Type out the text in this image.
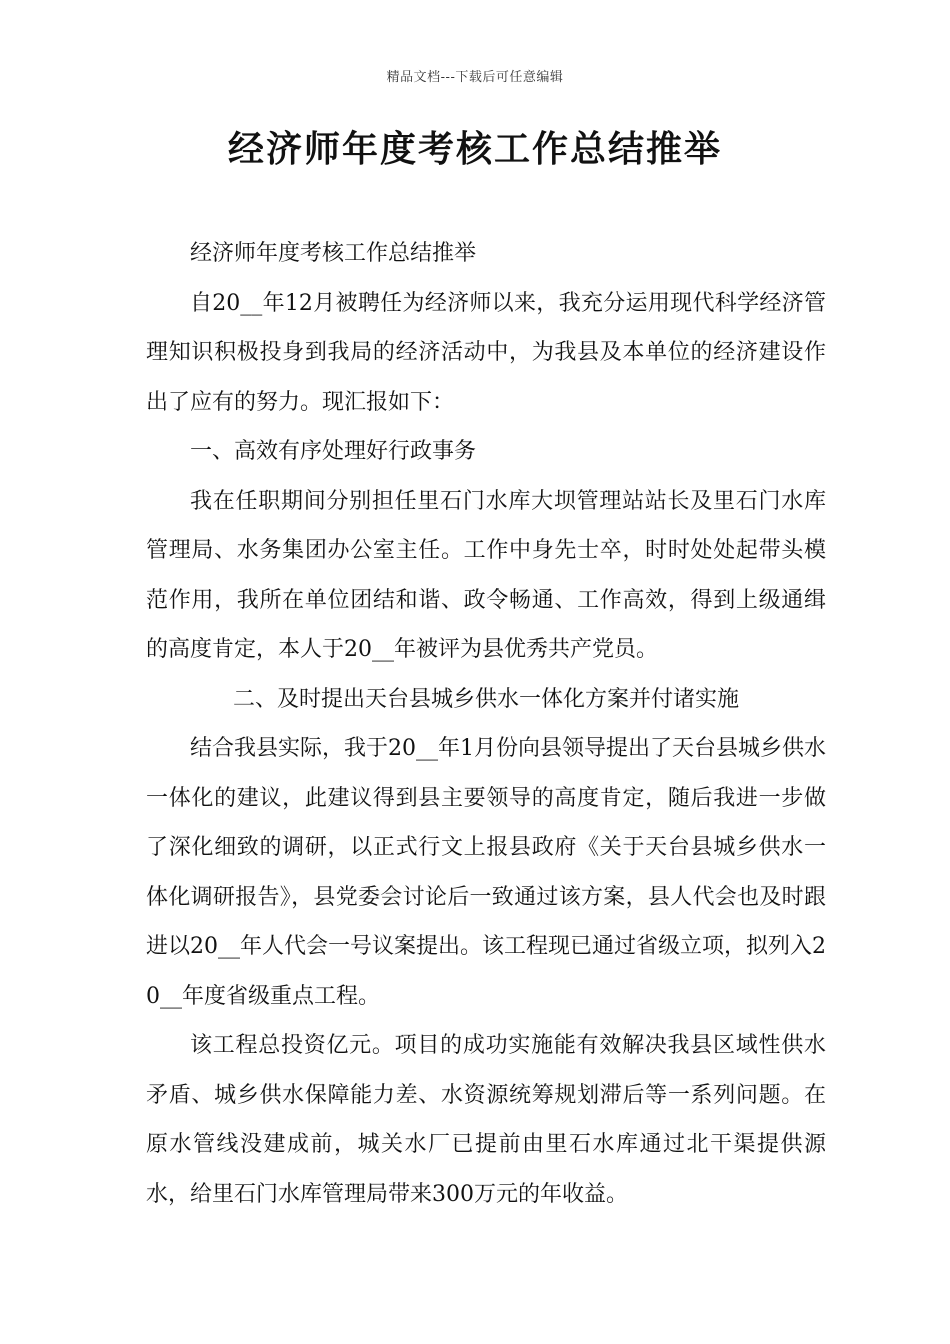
精品文档---下载后可任意编辑
经济师年度考核工作总结推举

经济师年度考核工作总结推举

自20__年12月被聘任为经济师以来，我充分运用现代科学经济管理知识积极投身到我局的经济活动中，为我县及本单位的经济建设作出了应有的努力。现汇报如下：

一、高效有序处理好行政事务

我在任职期间分别担任里石门水库大坝管理站站长及里石门水库管理局、水务集团办公室主任。工作中身先士卒，时时处处起带头模范作用，我所在单位团结和谐、政令畅通、工作高效，得到上级通缉的高度肯定，本人于20__年被评为县优秀共产党员。

二、及时提出天台县城乡供水一体化方案并付诸实施

结合我县实际，我于20__年1月份向县领导提出了天台县城乡供水一体化的建议，此建议得到县主要领导的高度肯定，随后我进一步做了深化细致的调研，以正式行文上报县政府《关于天台县城乡供水一体化调研报告》，县党委会讨论后一致通过该方案，县人代会也及时跟进以20__年人代会一号议案提出。该工程现已通过省级立项，拟列入20__年度省级重点工程。

该工程总投资亿元。项目的成功实施能有效解决我县区域性供水矛盾、城乡供水保障能力差、水资源统筹规划滞后等一系列问题。在原水管线没建成前，城关水厂已提前由里石水库通过北干渠提供源水，给里石门水库管理局带来300万元的年收益。
